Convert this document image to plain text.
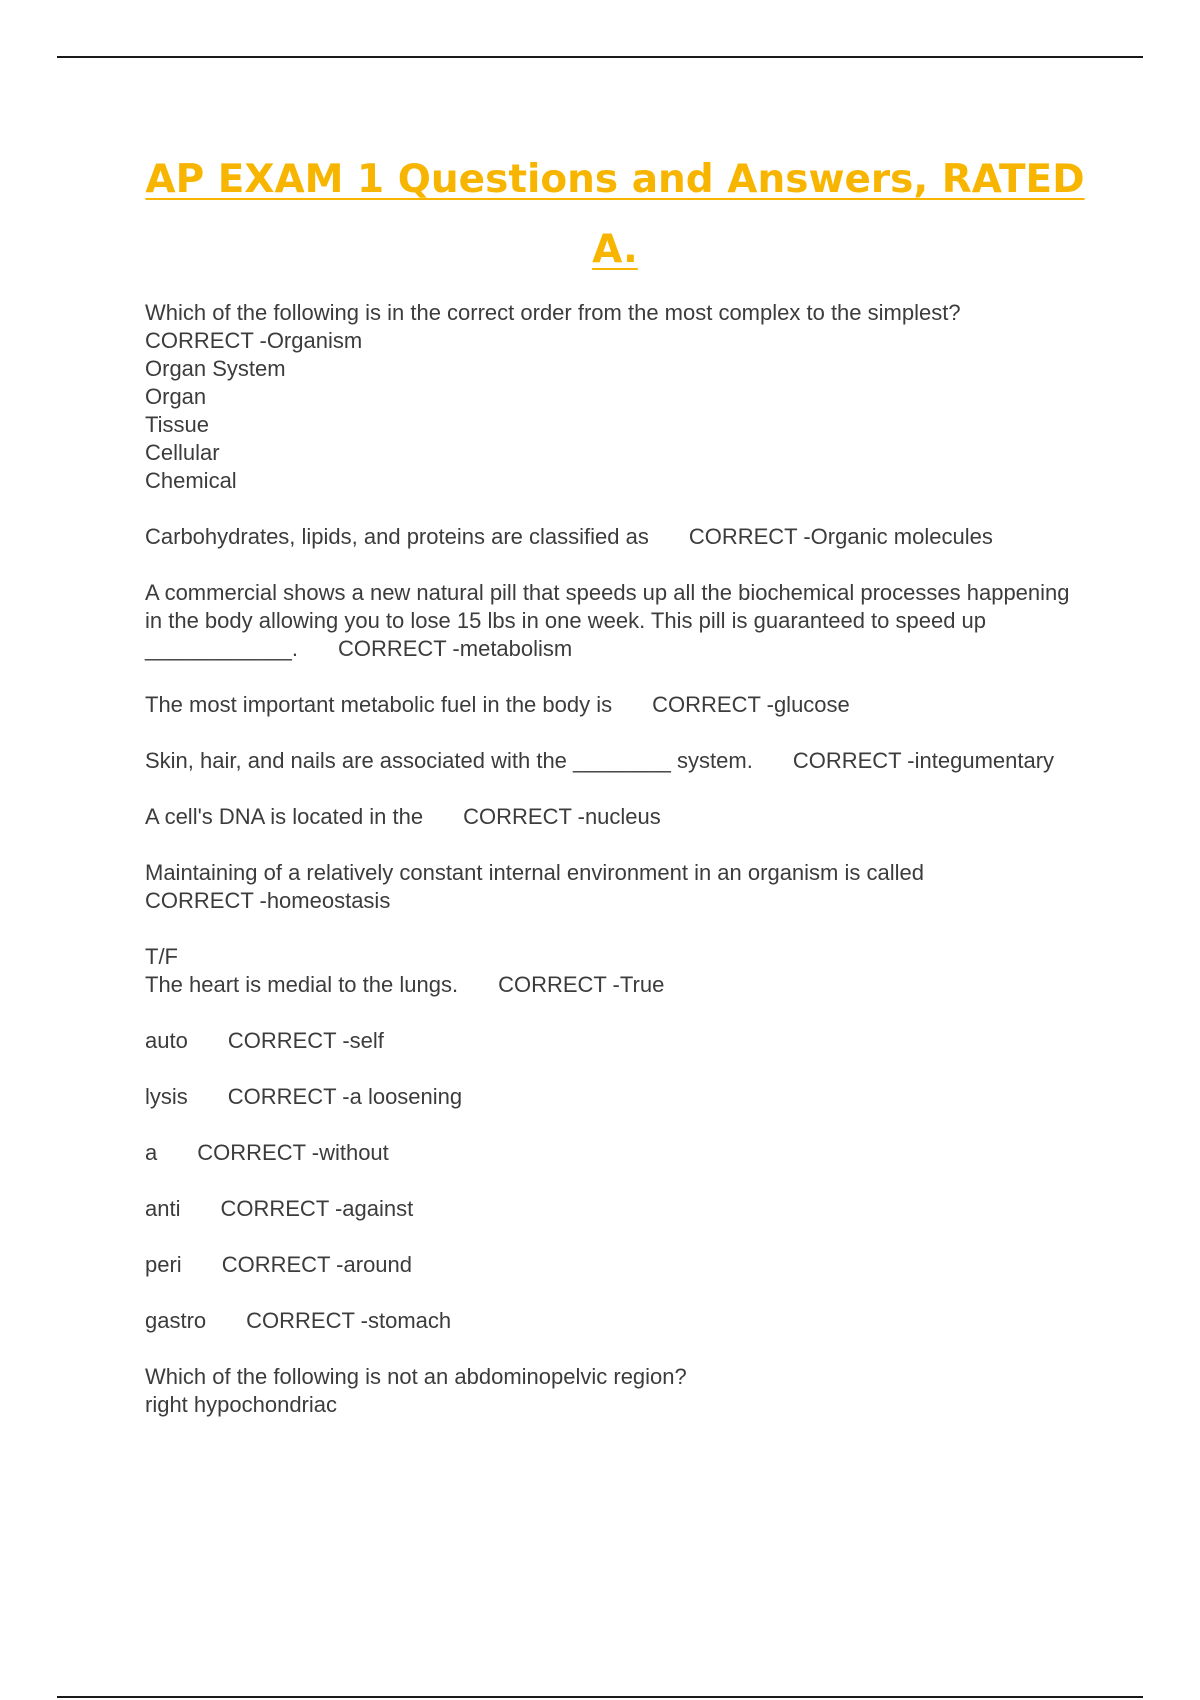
AP EXAM 1 Questions and Answers, RATED A.
Which of the following is in the correct order from the most complex to the simplest?
CORRECT -Organism
Organ System
Organ
Tissue
Cellular
Chemical
Carbohydrates, lipids, and proteins are classified as CORRECT -Organic molecules
A commercial shows a new natural pill that speeds up all the biochemical processes happening in the body allowing you to lose 15 lbs in one week. This pill is guaranteed to speed up ____________. CORRECT -metabolism
The most important metabolic fuel in the body is CORRECT -glucose
Skin, hair, and nails are associated with the ________ system. CORRECT -integumentary
A cell's DNA is located in the CORRECT -nucleus
Maintaining of a relatively constant internal environment in an organism is called
CORRECT -homeostasis
T/F
The heart is medial to the lungs. CORRECT -True
auto CORRECT -self
lysis CORRECT -a loosening
a CORRECT -without
anti CORRECT -against
peri CORRECT -around
gastro CORRECT -stomach
Which of the following is not an abdominopelvic region?
right hypochondriac
